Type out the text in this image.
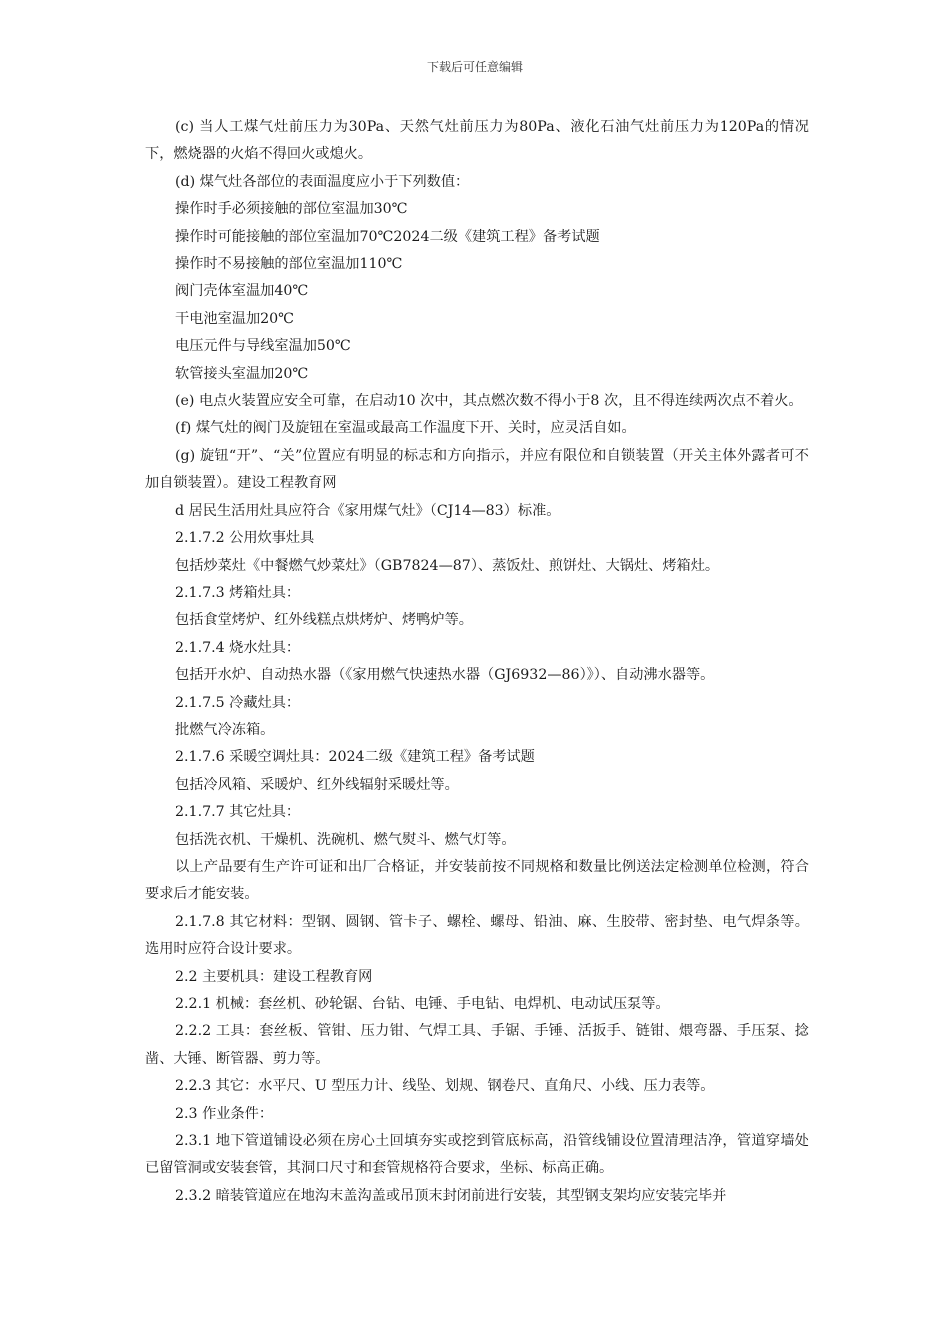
下载后可任意编辑

(c) 当人工煤气灶前压力为30Pa、天然气灶前压力为80Pa、液化石油气灶前压力为120Pa的情况下，燃烧器的火焰不得回火或熄火。

(d) 煤气灶各部位的表面温度应小于下列数值：

操作时手必须接触的部位室温加30℃

操作时可能接触的部位室温加70℃2024二级《建筑工程》备考试题

操作时不易接触的部位室温加110℃

阀门壳体室温加40℃

干电池室温加20℃

电压元件与导线室温加50℃

软管接头室温加20℃

(e) 电点火装置应安全可靠，在启动10 次中，其点燃次数不得小于8 次，且不得连续两次点不着火。

(f) 煤气灶的阀门及旋钮在室温或最高工作温度下开、关时，应灵活自如。

(g) 旋钮“开”、“关”位置应有明显的标志和方向指示，并应有限位和自锁装置（开关主体外露者可不加自锁装置）。建设工程教育网

d 居民生活用灶具应符合《家用煤气灶》（CJ14—83）标准。

2.1.7.2 公用炊事灶具

包括炒菜灶《中餐燃气炒菜灶》（GB7824—87）、蒸饭灶、煎饼灶、大锅灶、烤箱灶。

2.1.7.3 烤箱灶具：

包括食堂烤炉、红外线糕点烘烤炉、烤鸭炉等。

2.1.7.4 烧水灶具：

包括开水炉、自动热水器（《家用燃气快速热水器（GJ6932—86）》）、自动沸水器等。

2.1.7.5 冷藏灶具：

批燃气冷冻箱。

2.1.7.6 采暖空调灶具：2024二级《建筑工程》备考试题

包括冷风箱、采暖炉、红外线辐射采暖灶等。

2.1.7.7 其它灶具：

包括洗衣机、干燥机、洗碗机、燃气熨斗、燃气灯等。

以上产品要有生产许可证和出厂合格证，并安装前按不同规格和数量比例送法定检测单位检测，符合要求后才能安装。

2.1.7.8 其它材料：型钢、圆钢、管卡子、螺栓、螺母、铅油、麻、生胶带、密封垫、电气焊条等。选用时应符合设计要求。

2.2 主要机具：建设工程教育网

2.2.1 机械：套丝机、砂轮锯、台钻、电锤、手电钻、电焊机、电动试压泵等。

2.2.2 工具：套丝板、管钳、压力钳、气焊工具、手锯、手锤、活扳手、链钳、煨弯器、手压泵、捻凿、大锤、断管器、剪力等。

2.2.3 其它：水平尺、U 型压力计、线坠、划规、钢卷尺、直角尺、小线、压力表等。

2.3 作业条件：

2.3.1 地下管道铺设必须在房心土回填夯实或挖到管底标高，沿管线铺设位置清理洁净，管道穿墙处已留管洞或安装套管，其洞口尺寸和套管规格符合要求，坐标、标高正确。

2.3.2 暗装管道应在地沟末盖沟盖或吊顶末封闭前进行安装，其型钢支架均应安装完毕并
